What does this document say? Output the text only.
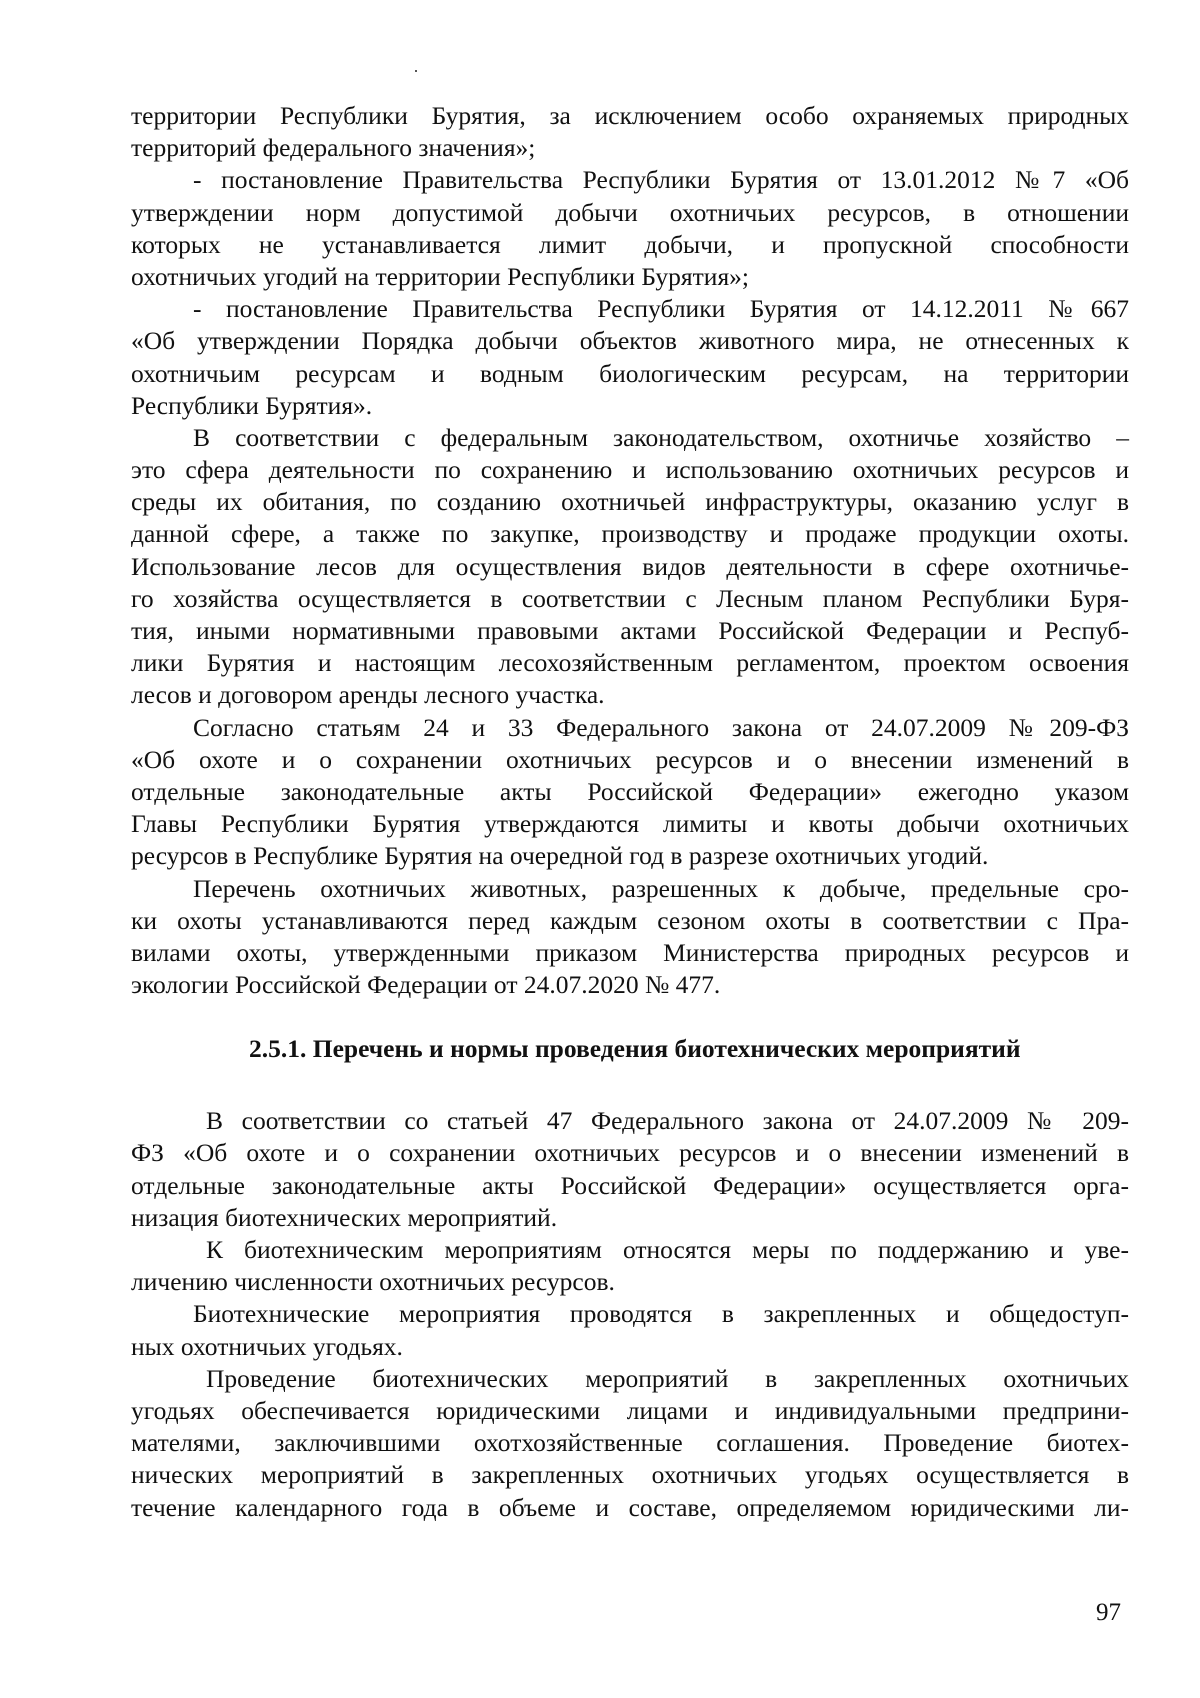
территории Республики Бурятия, за исключением особо охраняемых природных
территорий федерального значения»;
- постановление Правительства Республики Бурятия от 13.01.2012 №7 «Об
утверждении норм допустимой добычи охотничьих ресурсов, в отношении
которых не устанавливается лимит добычи, и пропускной способности
охотничьих угодий на территории Республики Бурятия»;
- постановление Правительства Республики Бурятия от 14.12.2011 №667
«Об утверждении Порядка добычи объектов животного мира, не отнесенных к
охотничьим ресурсам и водным биологическим ресурсам, на территории
Республики Бурятия».
В соответствии с федеральным законодательством, охотничье хозяйство –
это сфера деятельности по сохранению и использованию охотничьих ресурсов и
среды их обитания, по созданию охотничьей инфраструктуры, оказанию услуг в
данной сфере, а также по закупке, производству и продаже продукции охоты.
Использование лесов для осуществления видов деятельности в сфере охотничье-
го хозяйства осуществляется в соответствии с Лесным планом Республики Буря-
тия, иными нормативными правовыми актами Российской Федерации и Респуб-
лики Бурятия и настоящим лесохозяйственным регламентом, проектом освоения
лесов и договором аренды лесного участка.
Согласно статьям 24 и 33 Федерального закона от 24.07.2009 №209-ФЗ
«Об охоте и о сохранении охотничьих ресурсов и о внесении изменений в
отдельные законодательные акты Российской Федерации» ежегодно указом
Главы Республики Бурятия утверждаются лимиты и квоты добычи охотничьих
ресурсов в Республике Бурятия на очередной год в разрезе охотничьих угодий.
Перечень охотничьих животных, разрешенных к добыче, предельные сро-
ки охоты устанавливаются перед каждым сезоном охоты в соответствии с Пра-
вилами охоты, утвержденными приказом Министерства природных ресурсов и
экологии Российской Федерации от 24.07.2020 № 477.
2.5.1. Перечень и нормы проведения биотехнических мероприятий
В соответствии со статьей 47 Федерального закона от 24.07.2009 № 209-
ФЗ «Об охоте и о сохранении охотничьих ресурсов и о внесении изменений в
отдельные законодательные акты Российской Федерации» осуществляется орга-
низация биотехнических мероприятий.
К биотехническим мероприятиям относятся меры по поддержанию и уве-
личению численности охотничьих ресурсов.
Биотехнические мероприятия проводятся в закрепленных и общедоступ-
ных охотничьих угодьях.
Проведение биотехнических мероприятий в закрепленных охотничьих
угодьях обеспечивается юридическими лицами и индивидуальными предприни-
мателями, заключившими охотхозяйственные соглашения. Проведение биотех-
нических мероприятий в закрепленных охотничьих угодьях осуществляется в
течение календарного года в объеме и составе, определяемом юридическими ли-
97
